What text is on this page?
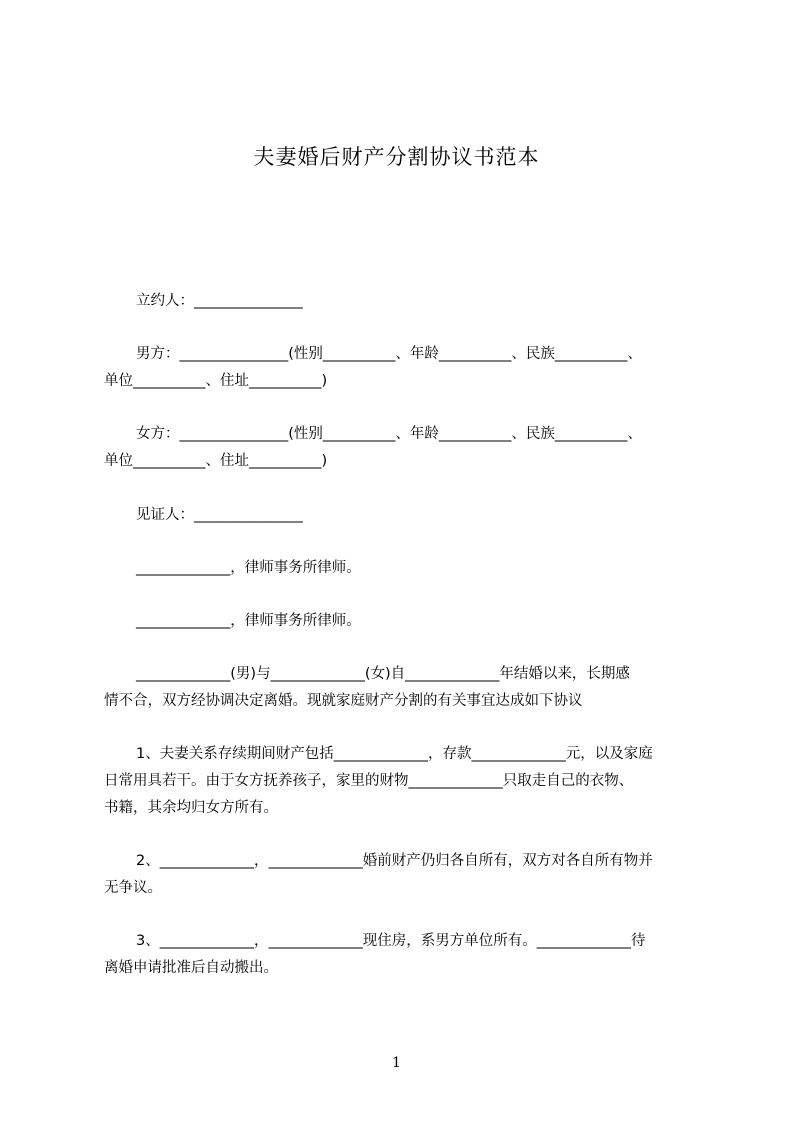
夫妻婚后财产分割协议书范本
立约人：_______________
男方：_______________(性别__________、年龄__________、民族__________、
单位__________、住址__________)
女方：_______________(性别__________、年龄__________、民族__________、
单位__________、住址__________)
见证人：_______________
_____________，律师事务所律师。
_____________，律师事务所律师。
_____________(男)与_____________(女)自_____________年结婚以来，长期感
情不合，双方经协调决定离婚。现就家庭财产分割的有关事宜达成如下协议
1、夫妻关系存续期间财产包括_____________，存款_____________元，以及家庭
日常用具若干。由于女方抚养孩子，家里的财物_____________只取走自己的衣物、
书籍，其余均归女方所有。
2、_____________，_____________婚前财产仍归各自所有，双方对各自所有物并
无争议。
3、_____________，_____________现住房，系男方单位所有。_____________待
离婚申请批准后自动搬出。
1
